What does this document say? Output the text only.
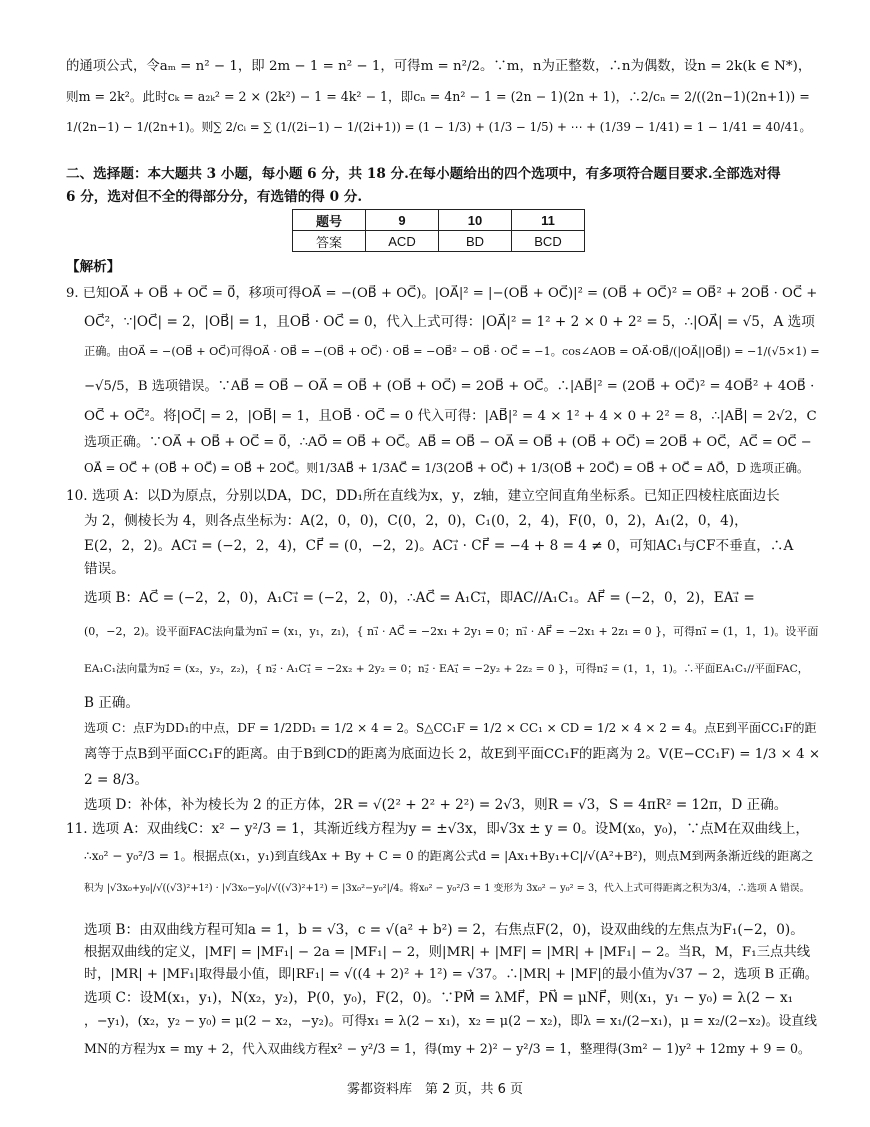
的通项公式，令aₘ = n² − 1，即 2m − 1 = n² − 1，可得m = n²/2。∵m，n为正整数，∴n为偶数，设n = 2k(k ∈ N*)，
则m = 2k²。此时cₖ = a₂ₖ² = 2 × (2k²) − 1 = 4k² − 1，即cₙ = 4n² − 1 = (2n − 1)(2n + 1)，∴2/cₙ = 2/((2n−1)(2n+1)) =
1/(2n−1) − 1/(2n+1)。则∑ 2/cᵢ = ∑ (1/(2i−1) − 1/(2i+1)) = (1 − 1/3) + (1/3 − 1/5) + ⋯ + (1/39 − 1/41) = 1 − 1/41 = 40/41。
二、选择题：本大题共 3 小题，每小题 6 分，共 18 分.在每小题给出的四个选项中，有多项符合题目要求.全部选对得
6 分，选对但不全的得部分分，有选错的得 0 分.
题号	9	10	11
答案	ACD	BD	BCD
【解析】
9. 已知OA⃗ + OB⃗ + OC⃗ = 0⃗，移项可得OA⃗ = −(OB⃗ + OC⃗)。|OA⃗|² = |−(OB⃗ + OC⃗)|² = (OB⃗ + OC⃗)² = OB⃗² + 2OB⃗ · OC⃗ +
OC⃗²，∵|OC⃗| = 2，|OB⃗| = 1，且OB⃗ · OC⃗ = 0，代入上式可得：|OA⃗|² = 1² + 2 × 0 + 2² = 5，∴|OA⃗| = √5，A 选项
正确。由OA⃗ = −(OB⃗ + OC⃗)可得OA⃗ · OB⃗ = −(OB⃗ + OC⃗) · OB⃗ = −OB⃗² − OB⃗ · OC⃗ = −1。cos∠AOB = OA⃗·OB⃗/(|OA⃗||OB⃗|) = −1/(√5×1) =
−√5/5，B 选项错误。∵AB⃗ = OB⃗ − OA⃗ = OB⃗ + (OB⃗ + OC⃗) = 2OB⃗ + OC⃗。∴|AB⃗|² = (2OB⃗ + OC⃗)² = 4OB⃗² + 4OB⃗ ·
OC⃗ + OC⃗²。将|OC⃗| = 2，|OB⃗| = 1，且OB⃗ · OC⃗ = 0 代入可得：|AB⃗|² = 4 × 1² + 4 × 0 + 2² = 8，∴|AB⃗| = 2√2，C
选项正确。∵OA⃗ + OB⃗ + OC⃗ = 0⃗，∴AO⃗ = OB⃗ + OC⃗。AB⃗ = OB⃗ − OA⃗ = OB⃗ + (OB⃗ + OC⃗) = 2OB⃗ + OC⃗，AC⃗ = OC⃗ −
OA⃗ = OC⃗ + (OB⃗ + OC⃗) = OB⃗ + 2OC⃗。则1/3AB⃗ + 1/3AC⃗ = 1/3(2OB⃗ + OC⃗) + 1/3(OB⃗ + 2OC⃗) = OB⃗ + OC⃗ = AO⃗，D 选项正确。
10. 选项 A：以D为原点，分别以DA，DC，DD₁所在直线为x，y，z轴，建立空间直角坐标系。已知正四棱柱底面边长
为 2，侧棱长为 4，则各点坐标为：A(2，0，0)，C(0，2，0)，C₁(0，2，4)，F(0，0，2)，A₁(2，0，4)，
E(2，2，2)。AC₁⃗ = (−2，2，4)，CF⃗ = (0，−2，2)。AC₁⃗ · CF⃗ = −4 + 8 = 4 ≠ 0，可知AC₁与CF不垂直，∴A
错误。
选项 B：AC⃗ = (−2，2，0)，A₁C₁⃗ = (−2，2，0)，∴AC⃗ = A₁C₁⃗，即AC//A₁C₁。AF⃗ = (−2，0，2)，EA₁⃗ =
(0，−2，2)。设平面FAC法向量为n₁⃗ = (x₁，y₁，z₁)，{ n₁⃗ · AC⃗ = −2x₁ + 2y₁ = 0；n₁⃗ · AF⃗ = −2x₁ + 2z₁ = 0 }，可得n₁⃗ = (1，1，1)。设平面
EA₁C₁法向量为n₂⃗ = (x₂，y₂，z₂)，{ n₂⃗ · A₁C₁⃗ = −2x₂ + 2y₂ = 0；n₂⃗ · EA₁⃗ = −2y₂ + 2z₂ = 0 }，可得n₂⃗ = (1，1，1)。∴平面EA₁C₁//平面FAC，
B 正确。
选项 C：点F为DD₁的中点，DF = 1/2DD₁ = 1/2 × 4 = 2。S△CC₁F = 1/2 × CC₁ × CD = 1/2 × 4 × 2 = 4。点E到平面CC₁F的距
离等于点B到平面CC₁F的距离。由于B到CD的距离为底面边长 2，故E到平面CC₁F的距离为 2。V(E−CC₁F) = 1/3 × 4 ×
2 = 8/3。
选项 D：补体，补为棱长为 2 的正方体，2R = √(2² + 2² + 2²) = 2√3，则R = √3，S = 4πR² = 12π，D 正确。
11. 选项 A：双曲线C：x² − y²/3 = 1，其渐近线方程为y = ±√3x，即√3x ± y = 0。设M(x₀，y₀)，∵点M在双曲线上，
∴x₀² − y₀²/3 = 1。根据点(x₁，y₁)到直线Ax + By + C = 0 的距离公式d = |Ax₁+By₁+C|/√(A²+B²)，则点M到两条渐近线的距离之
积为 |√3x₀+y₀|/√((√3)²+1²) · |√3x₀−y₀|/√((√3)²+1²) = |3x₀²−y₀²|/4。将x₀² − y₀²/3 = 1 变形为 3x₀² − y₀² = 3，代入上式可得距离之积为3/4，∴选项 A 错误。
选项 B：由双曲线方程可知a = 1，b = √3，c = √(a² + b²) = 2，右焦点F(2，0)，设双曲线的左焦点为F₁(−2，0)。
根据双曲线的定义，|MF| = |MF₁| − 2a = |MF₁| − 2，则|MR| + |MF| = |MR| + |MF₁| − 2。当R，M，F₁三点共线
时，|MR| + |MF₁|取得最小值，即|RF₁| = √((4 + 2)² + 1²) = √37。∴|MR| + |MF|的最小值为√37 − 2，选项 B 正确。
选项 C：设M(x₁，y₁)，N(x₂，y₂)，P(0，y₀)，F(2，0)。∵PM⃗ = λMF⃗，PN⃗ = μNF⃗，则(x₁，y₁ − y₀) = λ(2 − x₁
，−y₁)，(x₂，y₂ − y₀) = μ(2 − x₂，−y₂)。可得x₁ = λ(2 − x₁)，x₂ = μ(2 − x₂)，即λ = x₁/(2−x₁)，μ = x₂/(2−x₂)。设直线
MN的方程为x = my + 2，代入双曲线方程x² − y²/3 = 1，得(my + 2)² − y²/3 = 1，整理得(3m² − 1)y² + 12my + 9 = 0。
雾都资料库　第 2 页，共 6 页
